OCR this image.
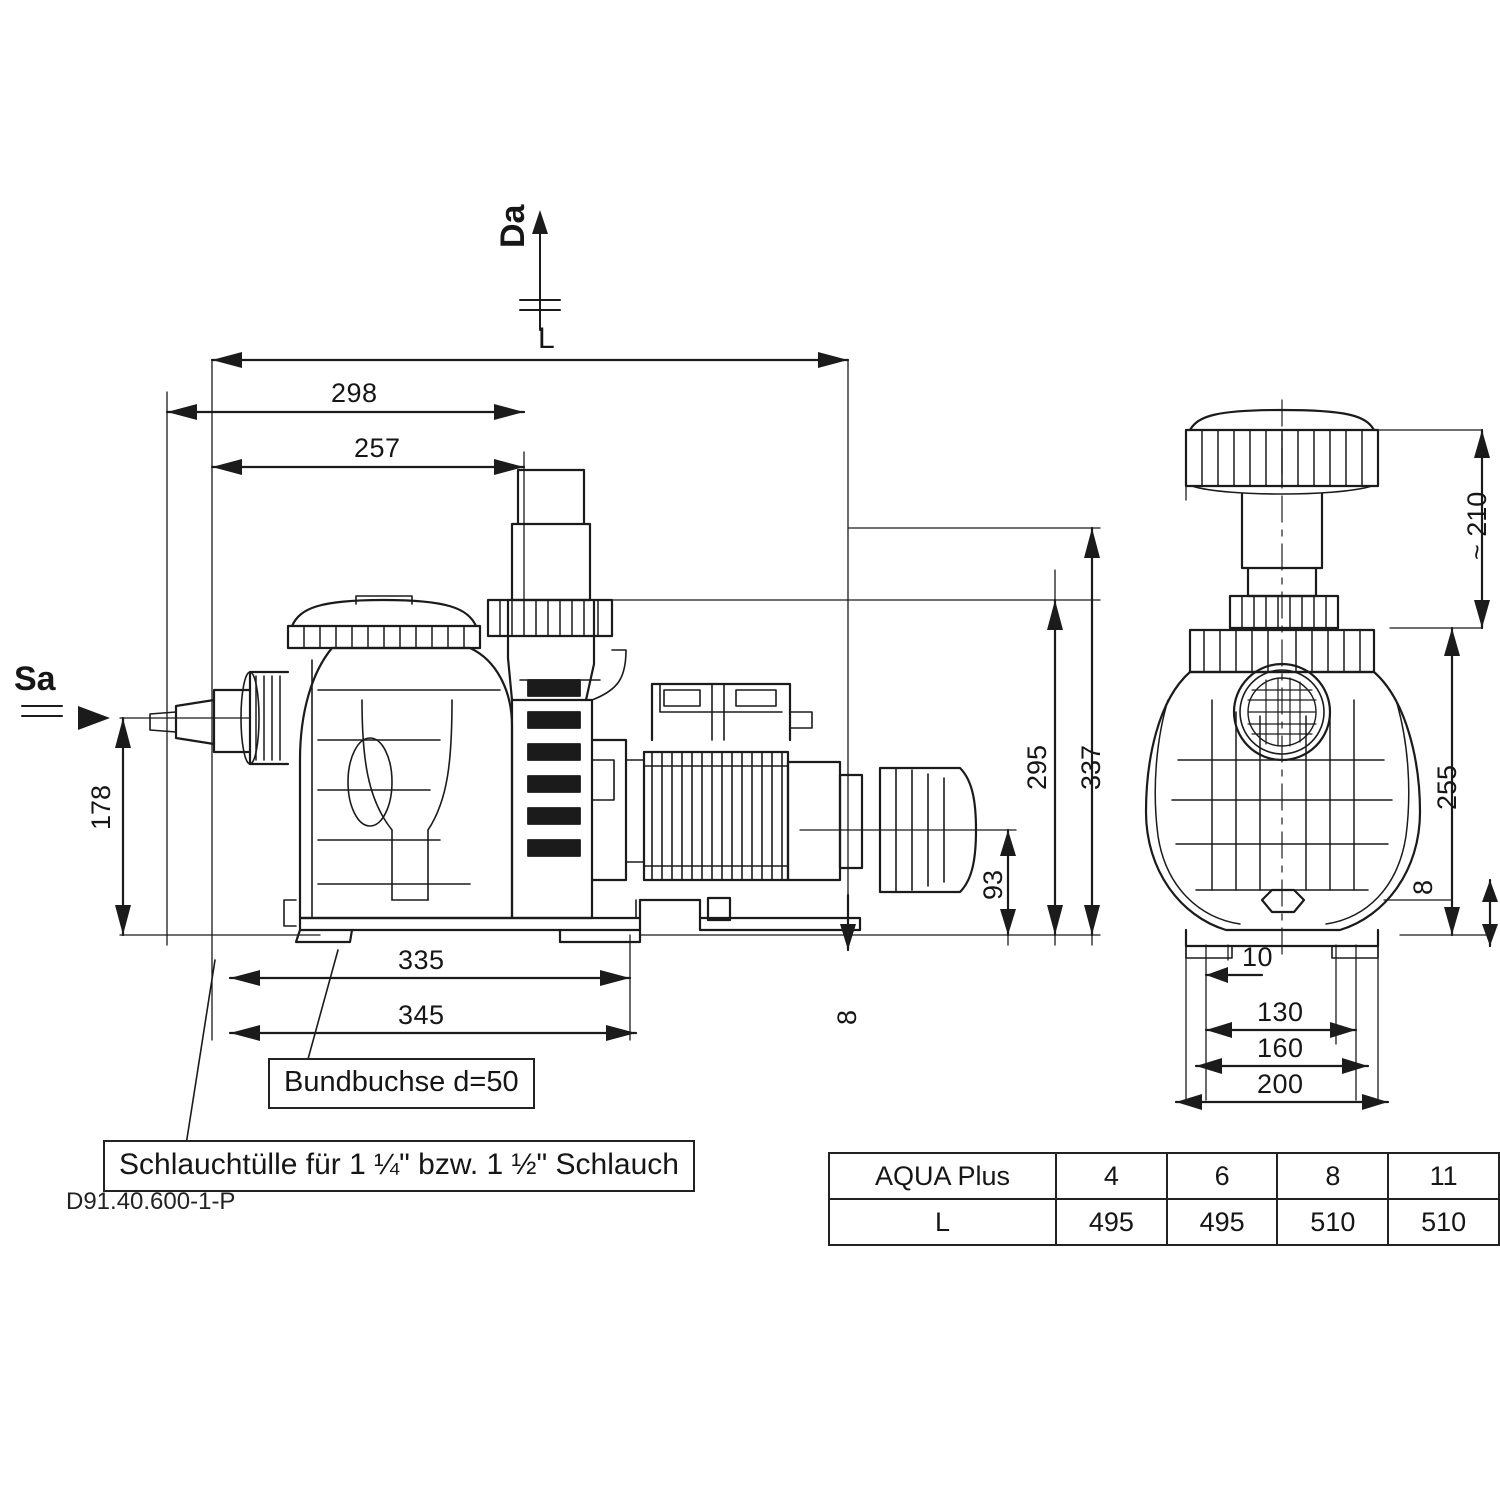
Sa
Da
L
298
257
178
295 337
93
8
335
345
~ 210
255
8
10
130
160
200
Bundbuchse d=50
Schlauchtülle für 1 ¼" bzw. 1 ½" Schlauch
D91.40.600-1-P
AQUA Plus	4	6	8	11
L	495	495	510	510
